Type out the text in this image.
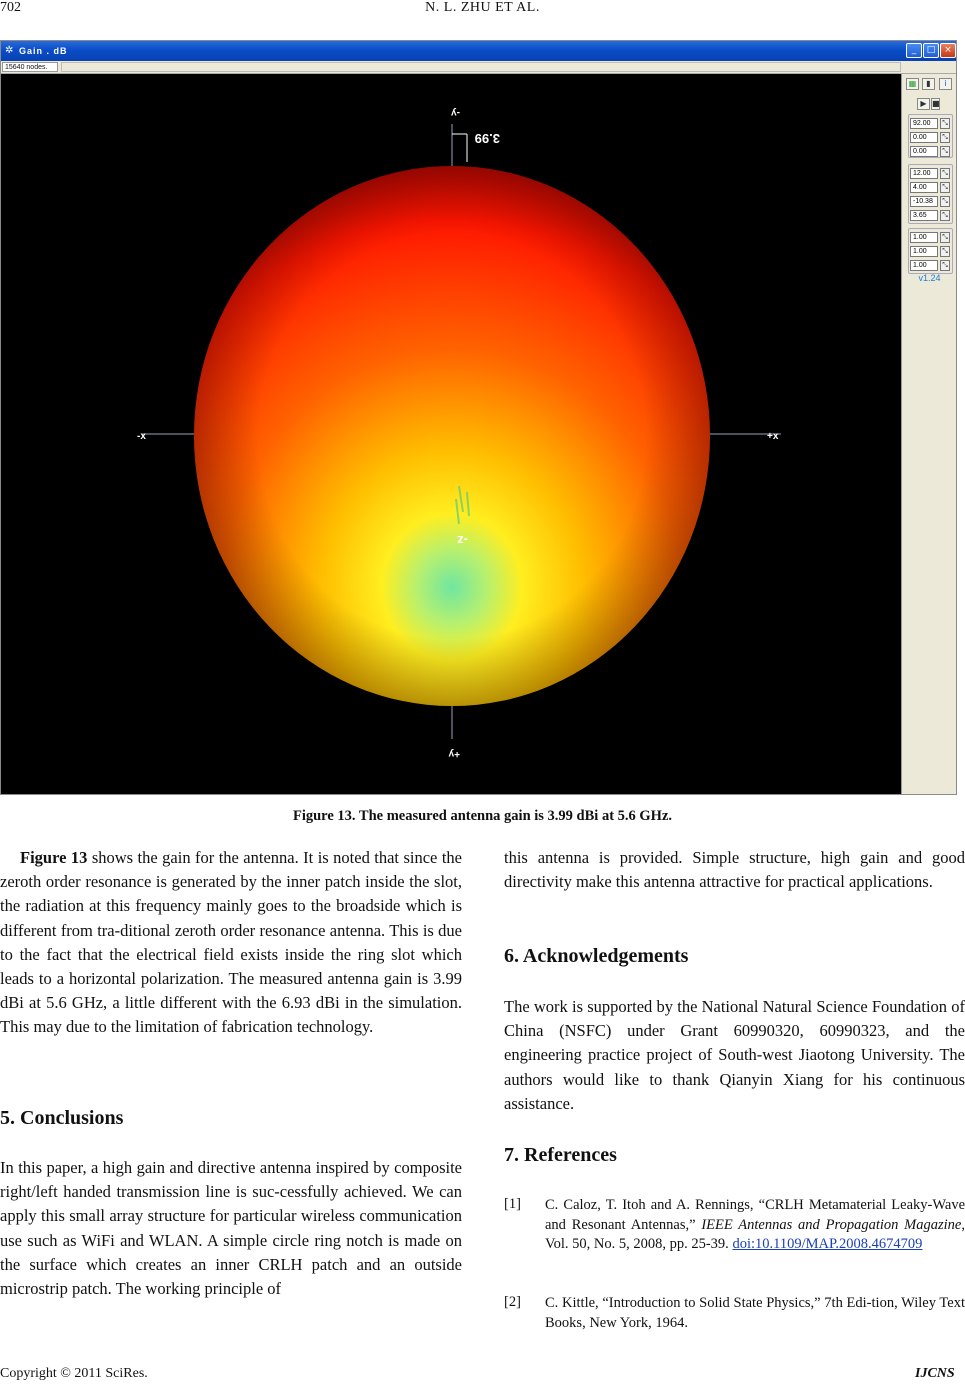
702	N. L. ZHU ET AL.
✲ Gain . dB	_	□ ×
15640 nodes.
3.99
-x	+x
-y
+y
-z
▦	▮	i
▶ ■
92.00	⤡
0.00	⤡
0.00	⤡
12.00	⤡
4.00	⤡
-10.38	⤡
3.65	⤡
1.00	⤡
1.00	⤡
1.00	⤡
v1.24
Figure 13. The measured antenna gain is 3.99 dBi at 5.6 GHz.
Figure 13 shows the gain for the antenna. It is noted that since the zeroth order resonance is generated by the inner patch inside the slot, the radiation at this frequency mainly goes to the broadside which is different from tra-ditional zeroth order resonance antenna. This is due to the fact that the electrical field exists inside the ring slot which leads to a horizontal polarization. The measured antenna gain is 3.99 dBi at 5.6 GHz, a little different with the 6.93 dBi in the simulation. This may due to the limitation of fabrication technology.
5. Conclusions
In this paper, a high gain and directive antenna inspired by composite right/left handed transmission line is suc-cessfully achieved. We can apply this small array structure for particular wireless communication use such as WiFi and WLAN. A simple circle ring notch is made on the surface which creates an inner CRLH patch and an outside microstrip patch. The working principle of
this antenna is provided. Simple structure, high gain and good directivity make this antenna attractive for practical applications.
6. Acknowledgements
The work is supported by the National Natural Science Foundation of China (NSFC) under Grant 60990320, 60990323, and the engineering practice project of South-west Jiaotong University. The authors would like to thank Qianyin Xiang for his continuous assistance.
7. References
[1] C. Caloz, T. Itoh and A. Rennings, “CRLH Metamaterial Leaky-Wave and Resonant Antennas,” IEEE Antennas and Propagation Magazine, Vol. 50, No. 5, 2008, pp. 25-39. doi:10.1109/MAP.2008.4674709
[2] C. Kittle, “Introduction to Solid State Physics,” 7th Edi-tion, Wiley Text Books, New York, 1964.
Copyright © 2011 SciRes.	IJCNS
